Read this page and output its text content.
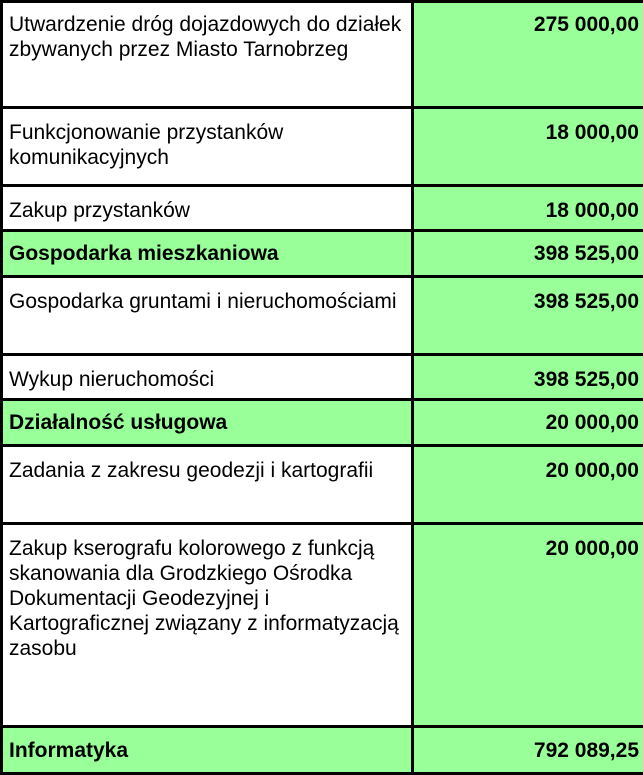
Utwardzenie dróg dojazdowych do działek zbywanych przez Miasto Tarnobrzeg	275 000,00
Funkcjonowanie przystanków komunikacyjnych	18 000,00
Zakup przystanków	18 000,00
Gospodarka mieszkaniowa	398 525,00
Gospodarka gruntami i nieruchomościami	398 525,00
Wykup nieruchomości	398 525,00
Działalność usługowa	20 000,00
Zadania z zakresu geodezji i kartografii	20 000,00
Zakup kserografu kolorowego z funkcją skanowania dla Grodzkiego Ośrodka Dokumentacji Geodezyjnej i Kartograficznej związany z informatyzacją zasobu	20 000,00
Informatyka	792 089,25
